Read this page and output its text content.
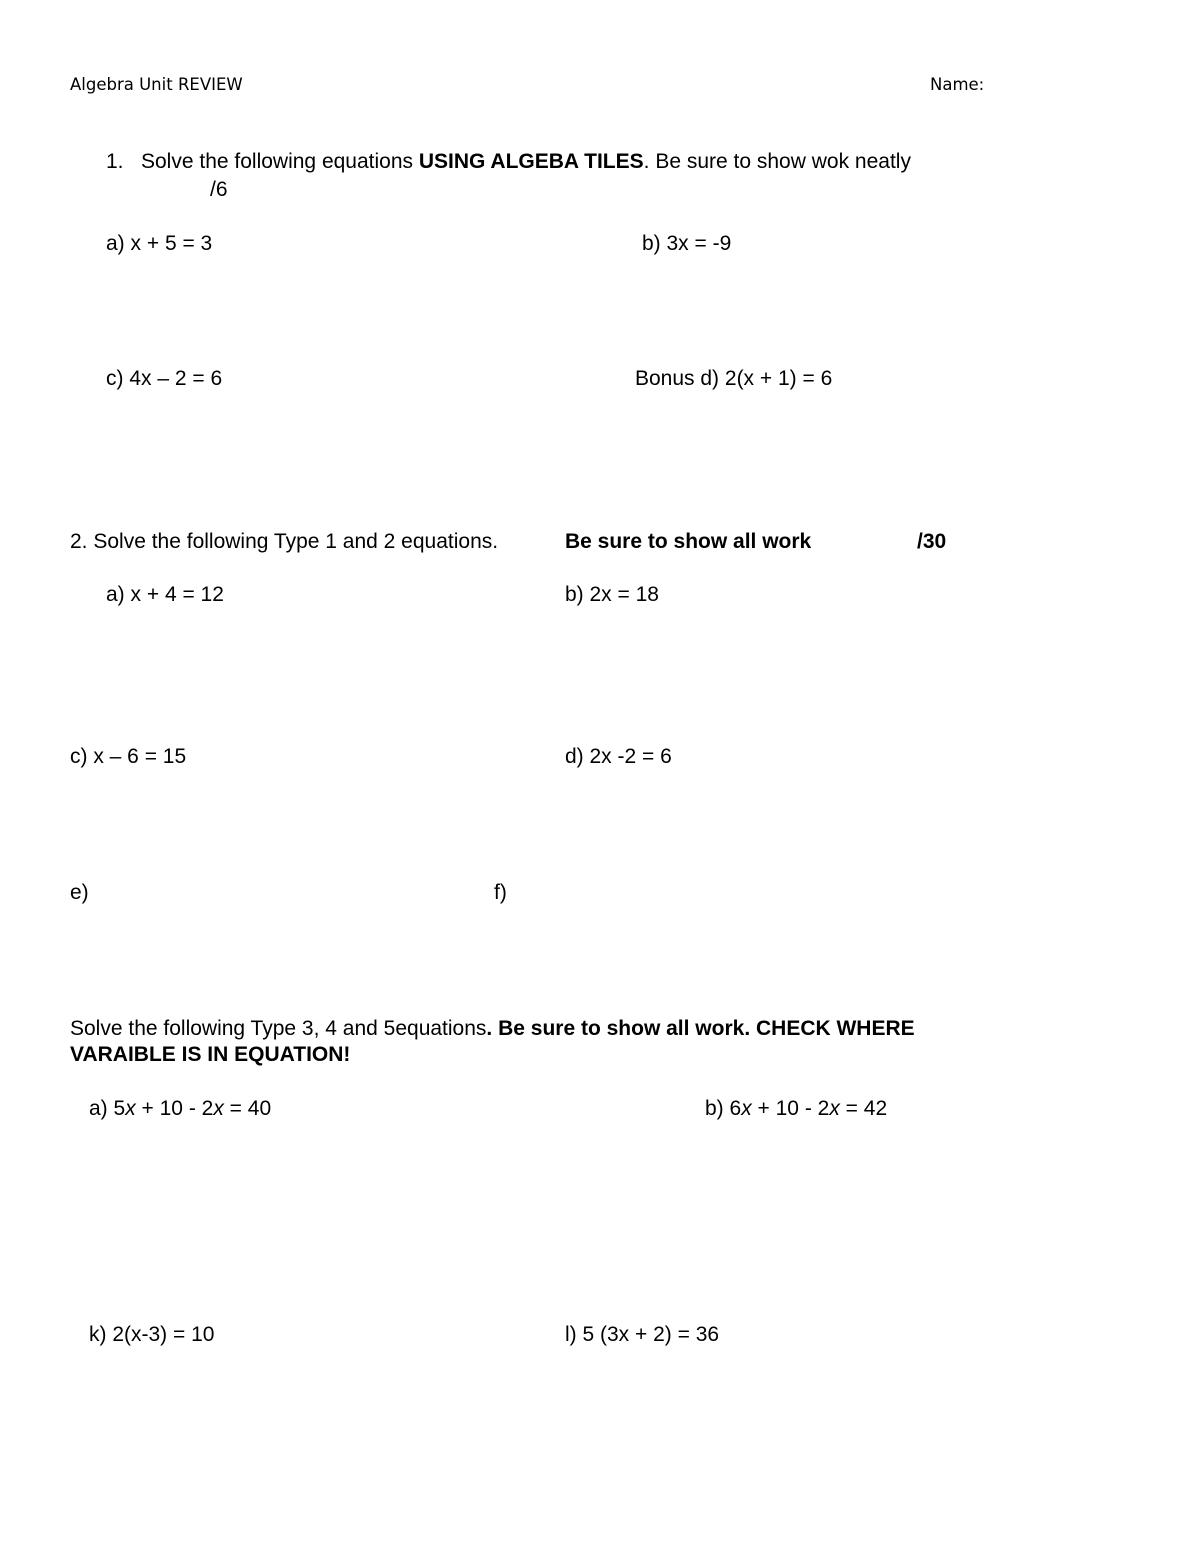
Algebra Unit REVIEW	Name:
1. Solve the following equations USING ALGEBA TILES. Be sure to show wok neatly
/6
a) x + 5 = 3	b) 3x = -9
c) 4x – 2 = 6	Bonus d) 2(x + 1) = 6
2. Solve the following Type 1 and 2 equations.	Be sure to show all work	/30
a) x + 4 = 12	b) 2x = 18
c) x – 6 = 15	d) 2x -2 = 6
e)	f)
Solve the following Type 3, 4 and 5equations. Be sure to show all work. CHECK WHERE
VARAIBLE IS IN EQUATION!
a) 5x + 10 - 2x = 40	b) 6x + 10 - 2x = 42
k) 2(x-3) = 10	l) 5 (3x + 2) = 36
